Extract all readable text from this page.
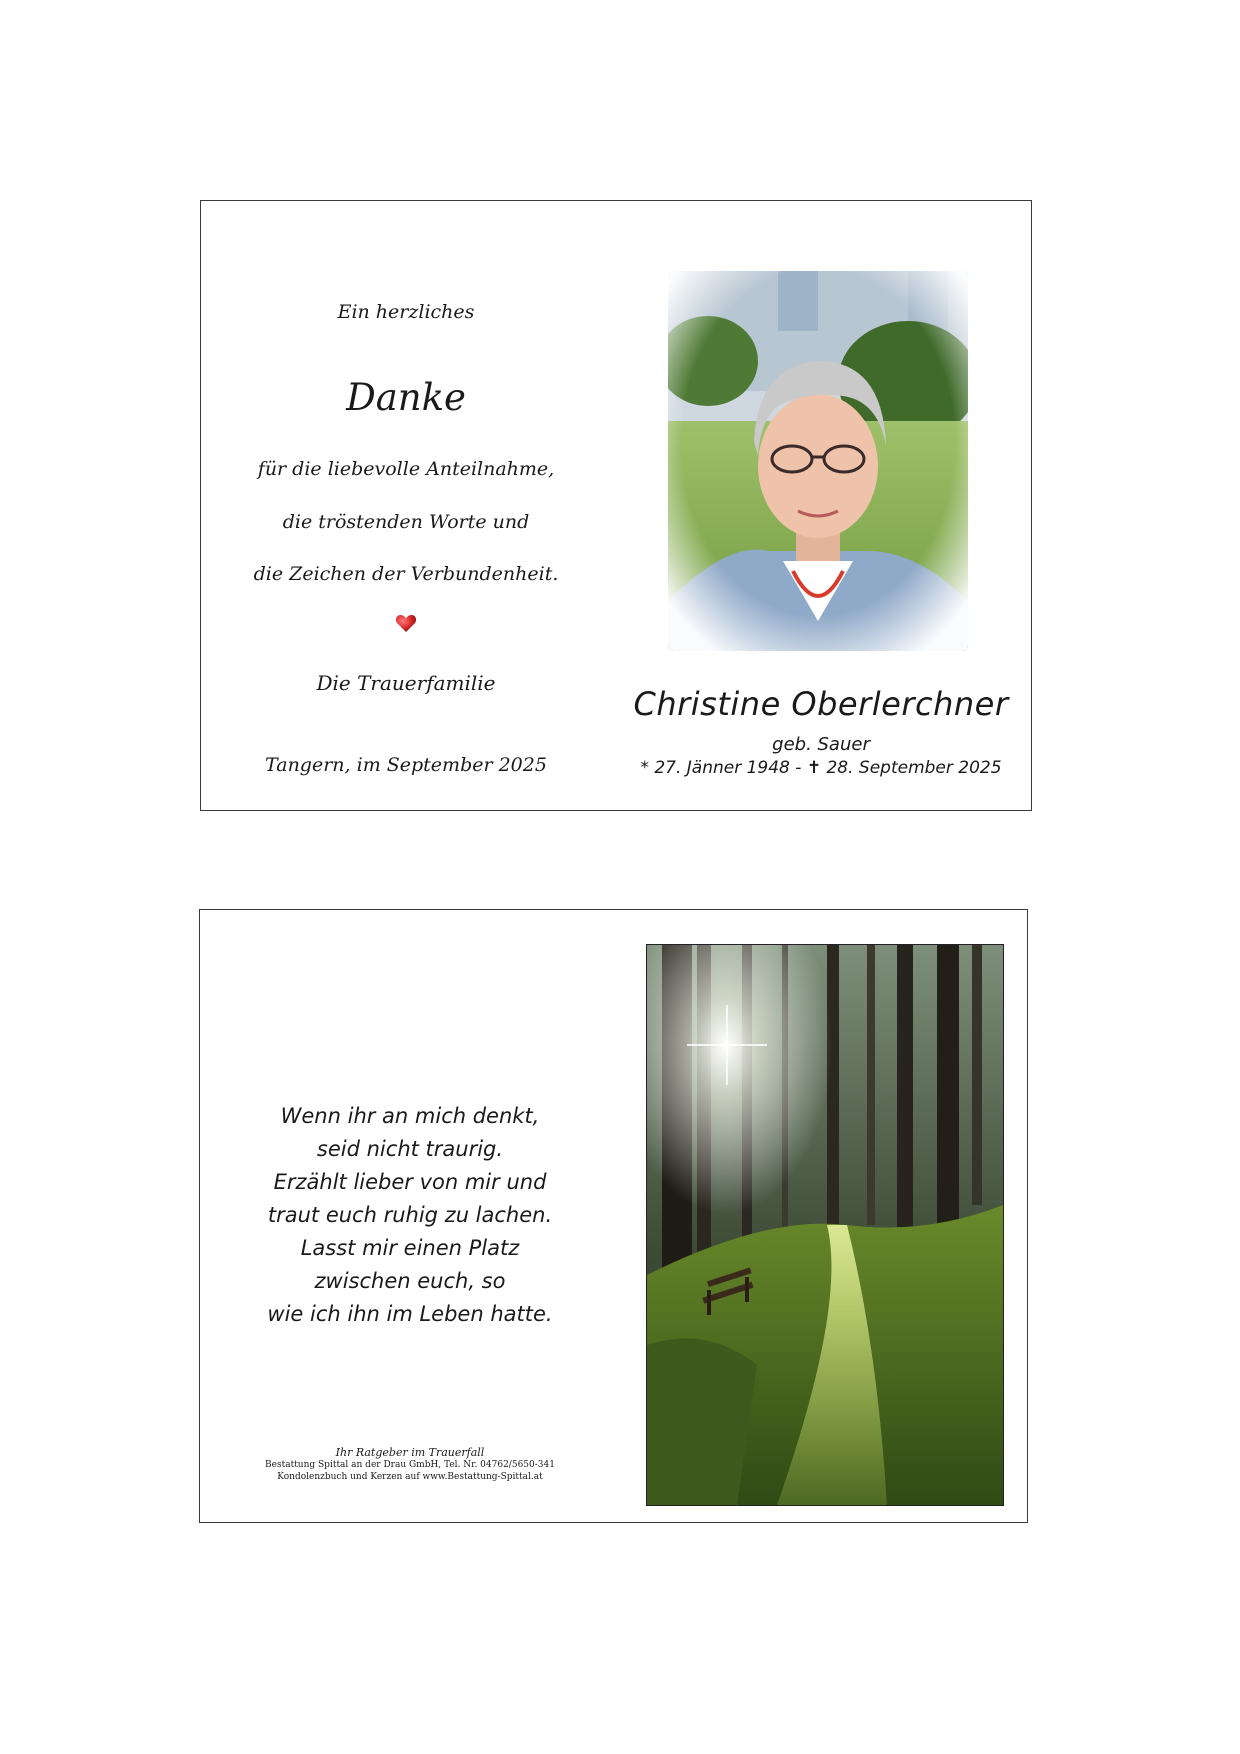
Ein herzliches
Danke
für die liebevolle Anteilnahme,
die tröstenden Worte und
die Zeichen der Verbundenheit.
Die Trauerfamilie
Tangern, im September 2025
Christine Oberlerchner
geb. Sauer
* 27. Jänner 1948 - ✝ 28. September 2025
Wenn ihr an mich denkt,
seid nicht traurig.
Erzählt lieber von mir und
traut euch ruhig zu lachen.
Lasst mir einen Platz
zwischen euch, so
wie ich ihn im Leben hatte.
Ihr Ratgeber im Trauerfall
Bestattung Spittal an der Drau GmbH, Tel. Nr. 04762/5650-341
Kondolenzbuch und Kerzen auf www.Bestattung-Spittal.at
